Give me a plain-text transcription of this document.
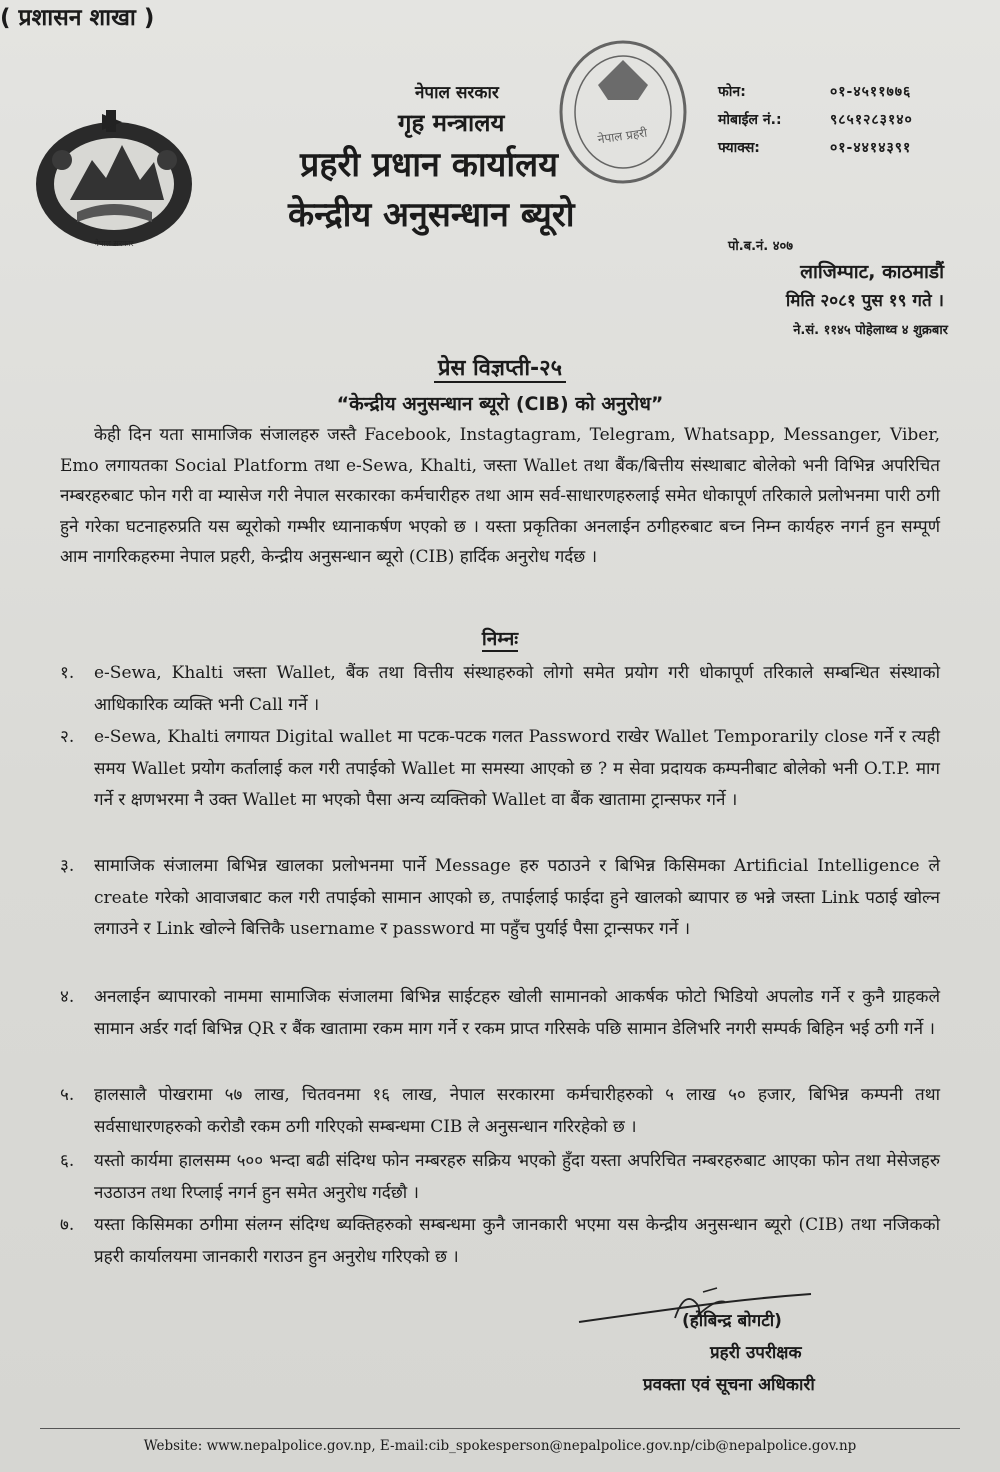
नेपाल सरकार
नेपाल प्रहरी
नेपाल सरकार
गृह मन्त्रालय
प्रहरी प्रधान कार्यालय
केन्द्रीय अनुसन्धान ब्यूरो
( प्रशासन शाखा )
फोन:	०१-४५११७७६
मोबाईल नं.:	९८५१२८३१४०
फ्याक्स:	०१-४४१४३९१
पो.ब.नं. ४०७
लाजिम्पाट, काठमाडौं
मिति २०८१ पुस १९ गते ।
ने.सं. ११४५ पोहेलाथ्व ४ शुक्रबार
प्रेस विज्ञप्ती-२५
“केन्द्रीय अनुसन्धान ब्यूरो (CIB) को अनुरोध”
केही दिन यता सामाजिक संजालहरु जस्तै Facebook, Instagtagram, Telegram, Whatsapp, Messanger, Viber, Emo लगायतका Social Platform तथा e-Sewa, Khalti, जस्ता Wallet तथा बैंक/बित्तीय संस्थाबाट बोलेको भनी विभिन्न अपरिचित नम्बरहरुबाट फोन गरी वा म्यासेज गरी नेपाल सरकारका कर्मचारीहरु तथा आम सर्व-साधारणहरुलाई समेत धोकापूर्ण तरिकाले प्रलोभनमा पारी ठगी हुने गरेका घटनाहरुप्रति यस ब्यूरोको गम्भीर ध्यानाकर्षण भएको छ । यस्ता प्रकृतिका अनलाईन ठगीहरुबाट बच्न निम्न कार्यहरु नगर्न हुन सम्पूर्ण आम नागरिकहरुमा नेपाल प्रहरी, केन्द्रीय अनुसन्धान ब्यूरो (CIB) हार्दिक अनुरोध गर्दछ ।
निम्नः
१.	e-Sewa, Khalti जस्ता Wallet, बैंक तथा वित्तीय संस्थाहरुको लोगो समेत प्रयोग गरी धोकापूर्ण तरिकाले सम्बन्धित संस्थाको आधिकारिक व्यक्ति भनी Call गर्ने ।
२.	e-Sewa, Khalti लगायत Digital wallet मा पटक-पटक गलत Password राखेर Wallet Temporarily close गर्ने र त्यही समय Wallet प्रयोग कर्तालाई कल गरी तपाईको Wallet मा समस्या आएको छ ? म सेवा प्रदायक कम्पनीबाट बोलेको भनी O.T.P. माग गर्ने र क्षणभरमा नै उक्त Wallet मा भएको पैसा अन्य व्यक्तिको Wallet वा बैंक खातामा ट्रान्सफर गर्ने ।
३.	सामाजिक संजालमा बिभिन्न खालका प्रलोभनमा पार्ने Message हरु पठाउने र बिभिन्न किसिमका Artificial Intelligence ले create गरेको आवाजबाट कल गरी तपाईको सामान आएको छ, तपाईलाई फाईदा हुने खालको ब्यापार छ भन्ने जस्ता Link पठाई खोल्न लगाउने र Link खोल्ने बित्तिकै username र password मा पहुँच पुर्याई पैसा ट्रान्सफर गर्ने ।
४.	अनलाईन ब्यापारको नाममा सामाजिक संजालमा बिभिन्न साईटहरु खोली सामानको आकर्षक फोटो भिडियो अपलोड गर्ने र कुनै ग्राहकले सामान अर्डर गर्दा बिभिन्न QR र बैंक खातामा रकम माग गर्ने र रकम प्राप्त गरिसके पछि सामान डेलिभरि नगरी सम्पर्क बिहिन भई ठगी गर्ने ।
५.	हालसालै पोखरामा ५७ लाख, चितवनमा १६ लाख, नेपाल सरकारमा कर्मचारीहरुको ५ लाख ५० हजार, बिभिन्न कम्पनी तथा सर्वसाधारणहरुको करोडौ रकम ठगी गरिएको सम्बन्धमा CIB ले अनुसन्धान गरिरहेको छ ।
६.	यस्तो कार्यमा हालसम्म ५०० भन्दा बढी संदिग्ध फोन नम्बरहरु सक्रिय भएको हुँदा यस्ता अपरिचित नम्बरहरुबाट आएका फोन तथा मेसेजहरु नउठाउन तथा रिप्लाई नगर्न हुन समेत अनुरोध गर्दछौ ।
७.	यस्ता किसिमका ठगीमा संलग्न संदिग्ध ब्यक्तिहरुको सम्बन्धमा कुनै जानकारी भएमा यस केन्द्रीय अनुसन्धान ब्यूरो (CIB) तथा नजिकको प्रहरी कार्यालयमा जानकारी गराउन हुन अनुरोध गरिएको छ ।
(होबिन्द्र बोगटी)
प्रहरी उपरीक्षक
प्रवक्ता एवं सूचना अधिकारी
Website: www.nepalpolice.gov.np, E-mail:cib_spokesperson@nepalpolice.gov.np/cib@nepalpolice.gov.np
